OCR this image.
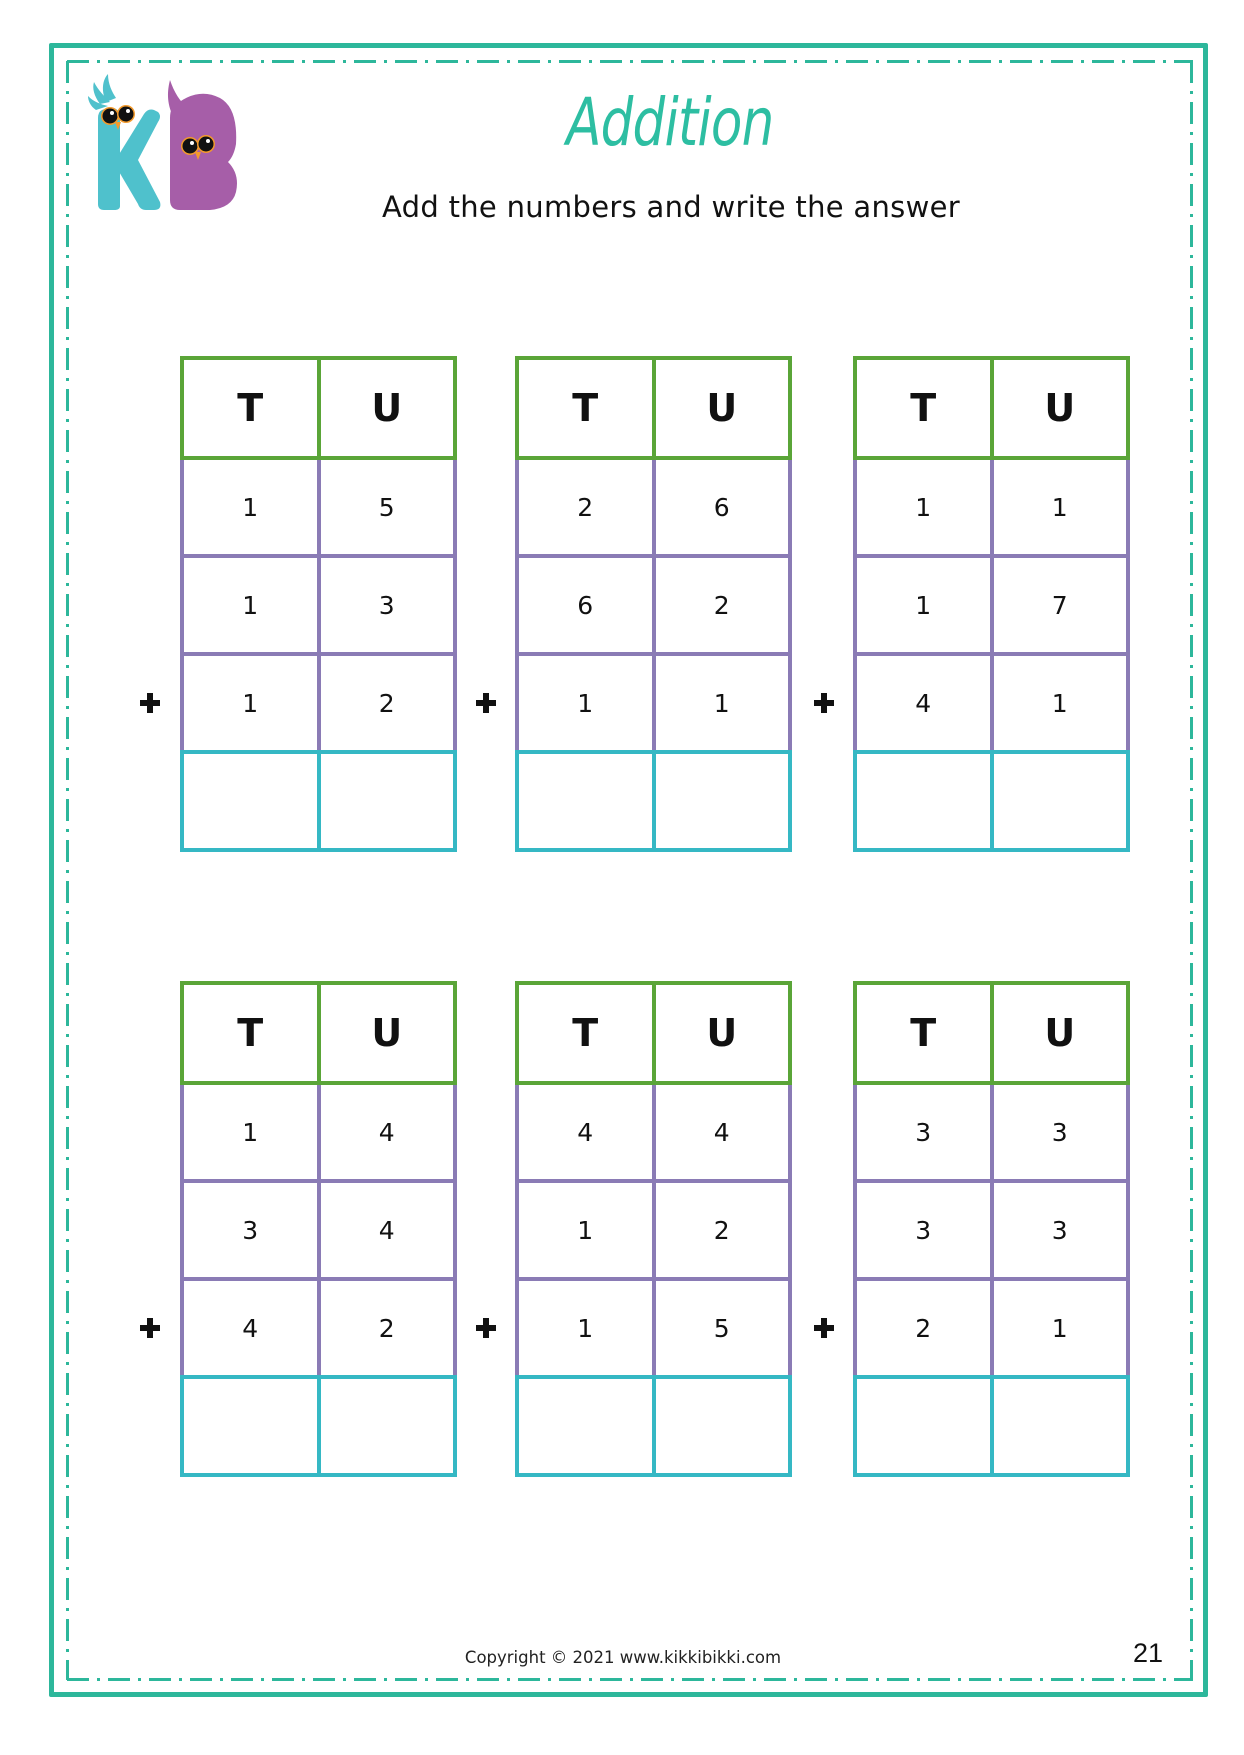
Addition
Add the numbers and write the answer
T	U
1	5
1	3
1	2
T	U
2	6
6	2
1	1
T	U
1	1
1	7
4	1
T	U
1	4
3	4
4	2
T	U
4	4
1	2
1	5
T	U
3	3
3	3
2	1
Copyright © 2021 www.kikkibikki.com	21
